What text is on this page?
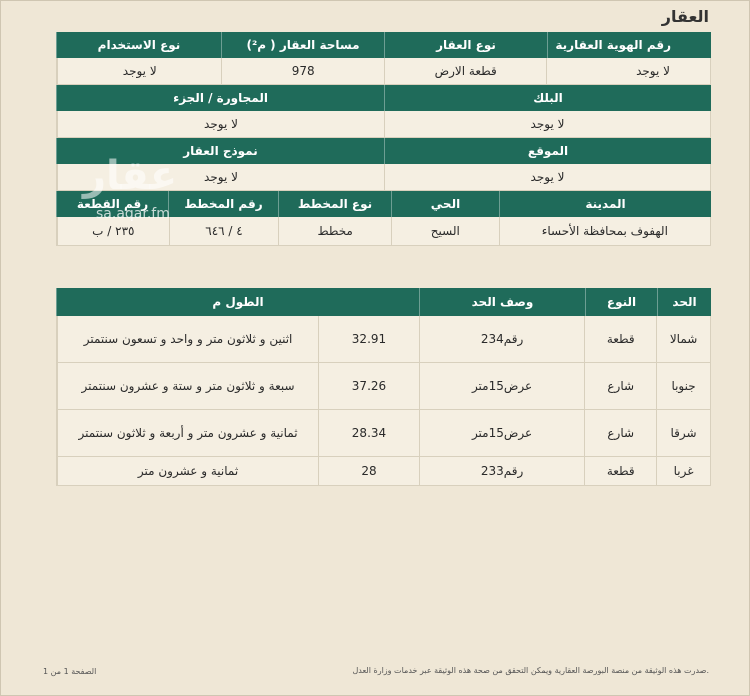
العقار
رقم الهوية العقارية
نوع العقار
مساحة العقار ( م²)
نوع الاستخدام
لا يوجد
قطعة الارض
978
لا يوجد
البلك
المجاورة / الجزء
لا يوجد
لا يوجد
الموقع
نموذج العقار
لا يوجد
لا يوجد
المدينة
الحي
نوع المخطط
رقم المخطط
رقم القطعة
الهفوف بمحافظة الأحساء
السيح
مخطط
٤ / ٦٤٦
٢٣٥ / ب
الحد
النوع
وصف الحد
الطول م
شمالا
قطعة
رقم234
32.91
اثنين و ثلاثون متر و واحد و تسعون سنتمتر
جنوبا
شارع
عرض15متر
37.26
سبعة و ثلاثون متر و ستة و عشرون سنتمتر
شرقا
شارع
عرض15متر
28.34
ثمانية و عشرون متر و أربعة و ثلاثون سنتمتر
غربا
قطعة
رقم233
28
ثمانية و عشرون متر
عقار
sa.aqar.fm
صدرت هذه الوثيقة من منصة البورصة العقارية ويمكن التحقق من صحة هذه الوثيقة عبر خدمات وزارة العدل.
الصفحة 1 من 1
